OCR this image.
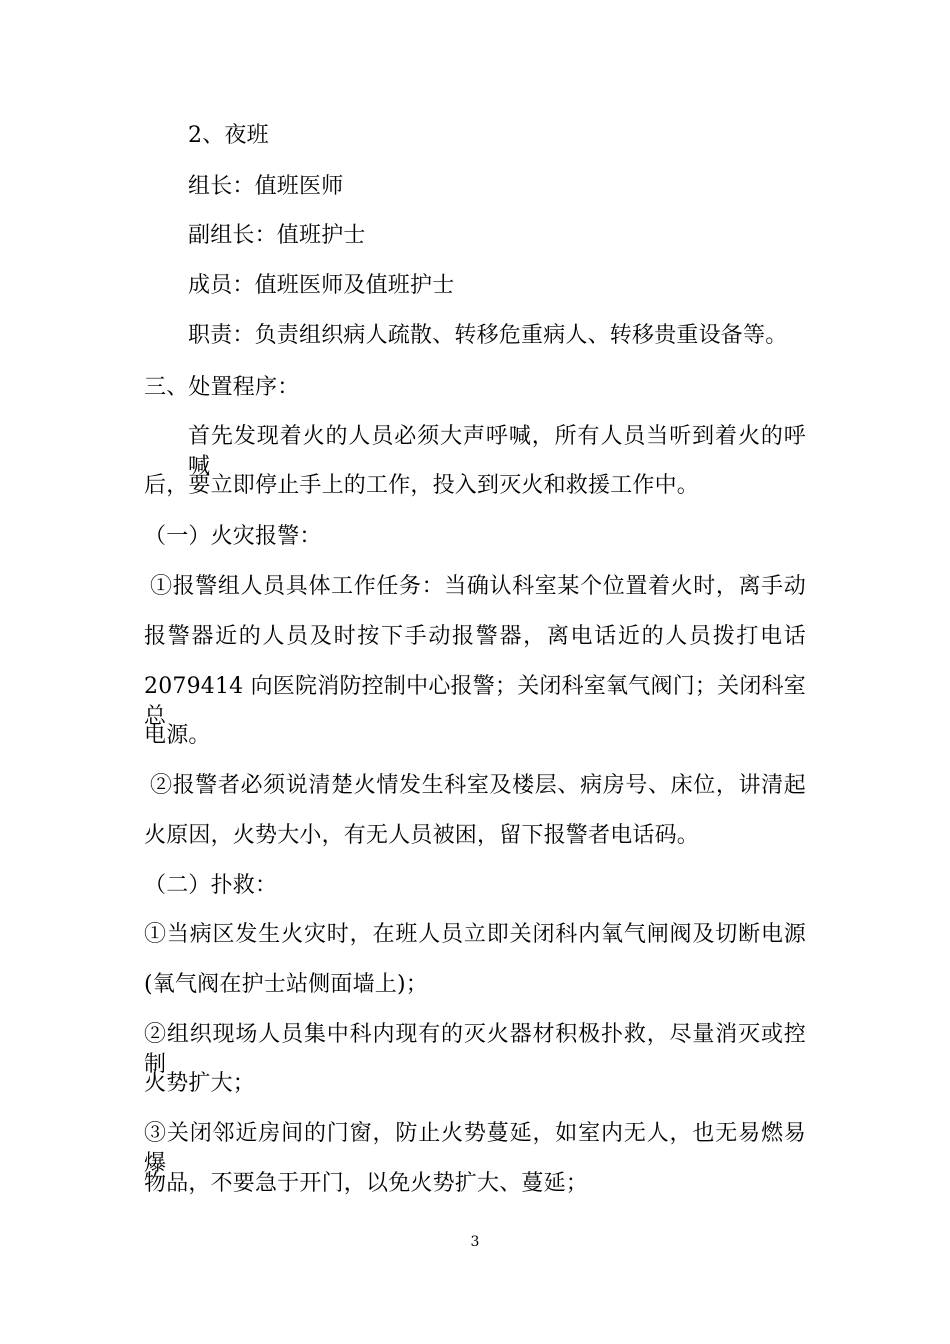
2、夜班
组长：值班医师
副组长：值班护士
成员：值班医师及值班护士
职责：负责组织病人疏散、转移危重病人、转移贵重设备等。
三、处置程序：
首先发现着火的人员必须大声呼喊，所有人员当听到着火的呼喊
后，要立即停止手上的工作，投入到灭火和救援工作中。
（一）火灾报警：
①报警组人员具体工作任务：当确认科室某个位置着火时，离手动
报警器近的人员及时按下手动报警器，离电话近的人员拨打电话
2079414 向医院消防控制中心报警；关闭科室氧气阀门；关闭科室总
电源。
②报警者必须说清楚火情发生科室及楼层、病房号、床位，讲清起
火原因，火势大小，有无人员被困，留下报警者电话码。
（二）扑救：
①当病区发生火灾时，在班人员立即关闭科内氧气闸阀及切断电源
(氧气阀在护士站侧面墙上)；
②组织现场人员集中科内现有的灭火器材积极扑救，尽量消灭或控制
火势扩大；
③关闭邻近房间的门窗，防止火势蔓延，如室内无人，也无易燃易爆
物品，不要急于开门，以免火势扩大、蔓延；
3
